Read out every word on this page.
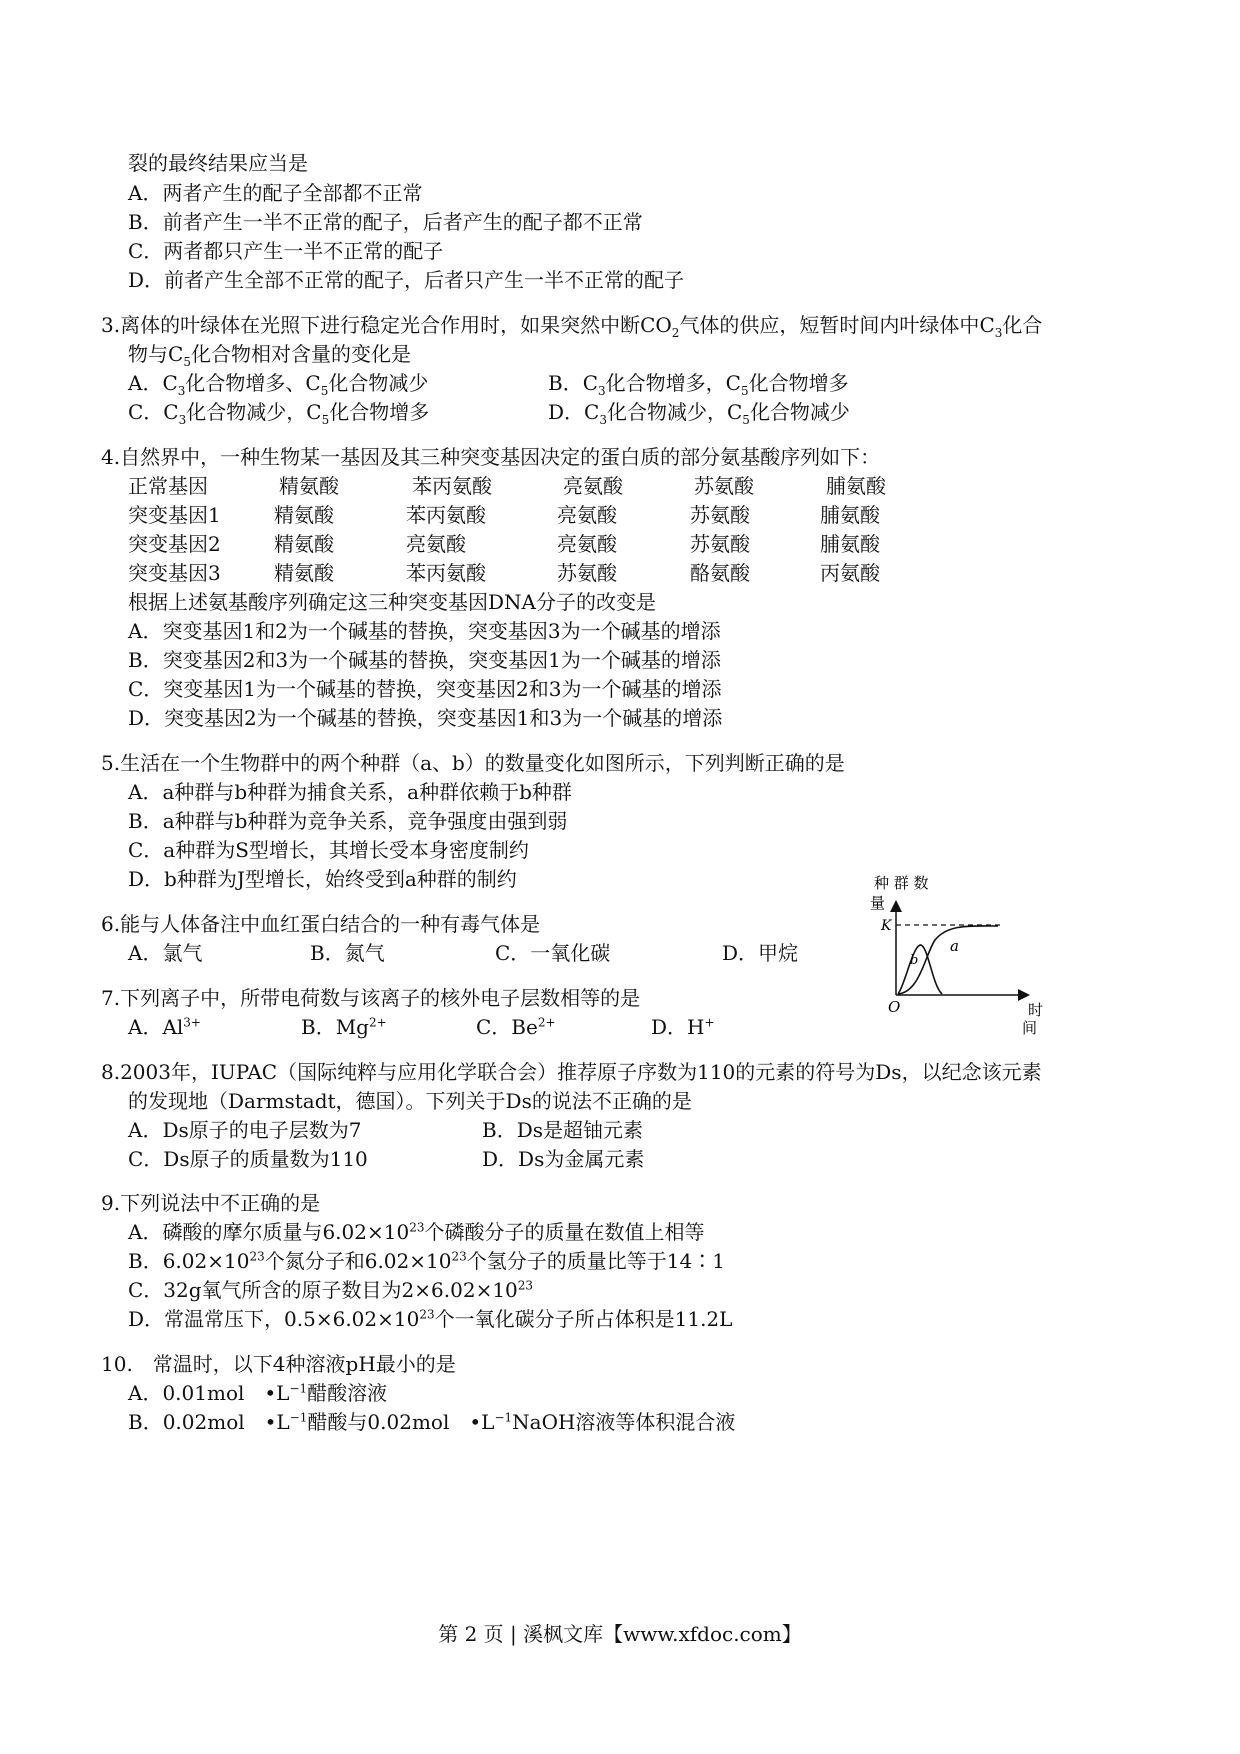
裂的最终结果应当是
A．两者产生的配子全部都不正常
B．前者产生一半不正常的配子，后者产生的配子都不正常
C．两者都只产生一半不正常的配子
D．前者产生全部不正常的配子，后者只产生一半不正常的配子
3.离体的叶绿体在光照下进行稳定光合作用时，如果突然中断$CO_2$气体的供应，短暂时间内叶绿体中$C_3$化合
物与$C_5$化合物相对含量的变化是
A．$C_3$化合物增多、$C_5$化合物减少	B．$C_3$化合物增多，$C_5$化合物增多
C．$C_3$化合物减少，$C_5$化合物增多	D．$C_3$化合物减少，$C_5$化合物减少
4.自然界中，一种生物某一基因及其三种突变基因决定的蛋白质的部分氨基酸序列如下：
正常基因	精氨酸	苯丙氨酸	亮氨酸	苏氨酸	脯氨酸
突变基因1	精氨酸	苯丙氨酸	亮氨酸	苏氨酸	脯氨酸
突变基因2	精氨酸	亮氨酸	亮氨酸	苏氨酸	脯氨酸
突变基因3	精氨酸	苯丙氨酸	苏氨酸	酪氨酸	丙氨酸
根据上述氨基酸序列确定这三种突变基因DNA分子的改变是
A．突变基因1和2为一个碱基的替换，突变基因3为一个碱基的增添
B．突变基因2和3为一个碱基的替换，突变基因1为一个碱基的增添
C．突变基因1为一个碱基的替换，突变基因2和3为一个碱基的增添
D．突变基因2为一个碱基的替换，突变基因1和3为一个碱基的增添
5.生活在一个生物群中的两个种群（a、b）的数量变化如图所示，下列判断正确的是
A．a种群与b种群为捕食关系，a种群依赖于b种群
B．a种群与b种群为竞争关系，竞争强度由强到弱
C．a种群为S型增长，其增长受本身密度制约
D．b种群为J型增长，始终受到a种群的制约	种 群 数
量
K
a
b
O	时
间
6.能与人体备注中血红蛋白结合的一种有毒气体是
A．氯气	B．氮气	C．一氧化碳	D．甲烷
7.下列离子中，所带电荷数与该离子的核外电子层数相等的是
A．$Al^{3+}$	B．$Mg^{2+}$	C．$Be^{2+}$	D．H+
8.2003年，IUPAC（国际纯粹与应用化学联合会）推荐原子序数为110的元素的符号为Ds，以纪念该元素
的发现地（Darmstadt，德国）。下列关于Ds的说法不正确的是
A．Ds原子的电子层数为7	B．Ds是超铀元素
C．Ds原子的质量数为110	D．Ds为金属元素
9.下列说法中不正确的是
A．磷酸的摩尔质量与$6.02\times 10^{23}$个磷酸分子的质量在数值上相等
B．$6.02\times 10^{23}$个氮分子和$6.02\times 10^{23}$个氢分子的质量比等于14∶1
C．32g氧气所含的原子数目为$2\times 6.02\times 10^{23}$
D．常温常压下，$0.5\times 6.02\times 10^{23}$个一氧化碳分子所占体积是11.2L
10.　常温时，以下4种溶液pH最小的是
A．0.01mol　$•L^{-1}$醋酸溶液
B．0.02mol　$•L^{-1}$醋酸与0.02mol　$•L^{-1}NaOH$溶液等体积混合液
第 2 页 | 溪枫文库【www.xfdoc.com】
